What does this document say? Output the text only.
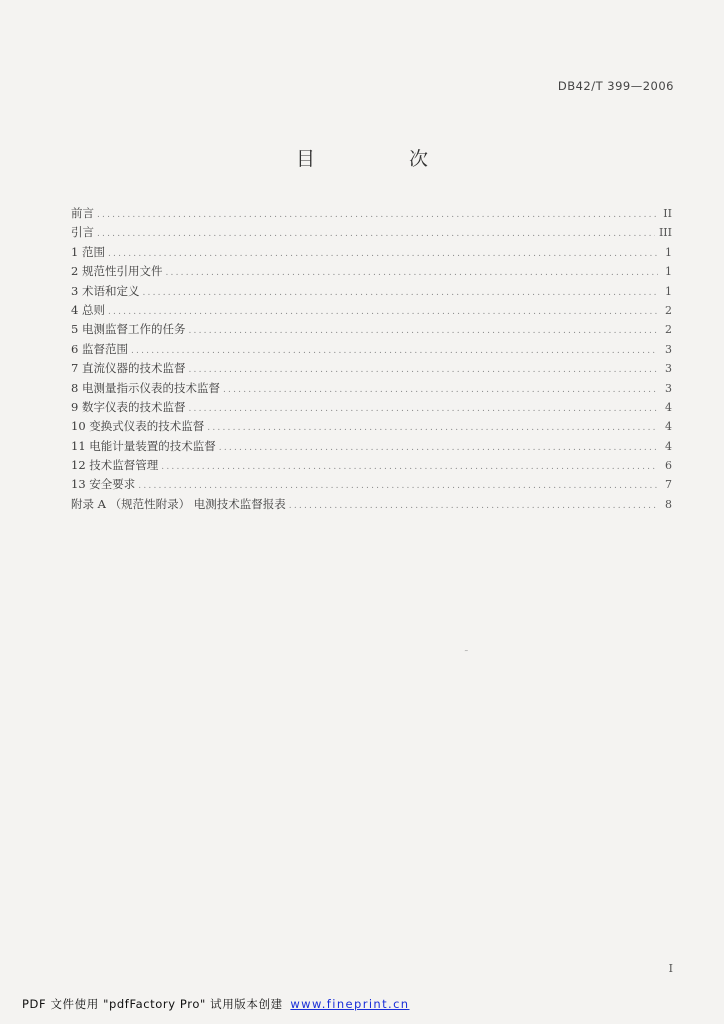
DB42/T 399—2006
目 次
前言 .....	II
引言 .....	III
1 范围 .....	1
2 规范性引用文件 .....	1
3 术语和定义 .....	1
4 总则 .....	2
5 电测监督工作的任务 .....	2
6 监督范围 .....	3
7 直流仪器的技术监督 .....	3
8 电测量指示仪表的技术监督 .....	3
9 数字仪表的技术监督 .....	4
10 变换式仪表的技术监督 .....	4
11 电能计量装置的技术监督 .....	4
12 技术监督管理 .....	6
13 安全要求 .....	7
附录 A （规范性附录） 电测技术监督报表 .....	8
˜
I
PDF 文件使用 "pdfFactory Pro" 试用版本创建 www.fineprint.cn
